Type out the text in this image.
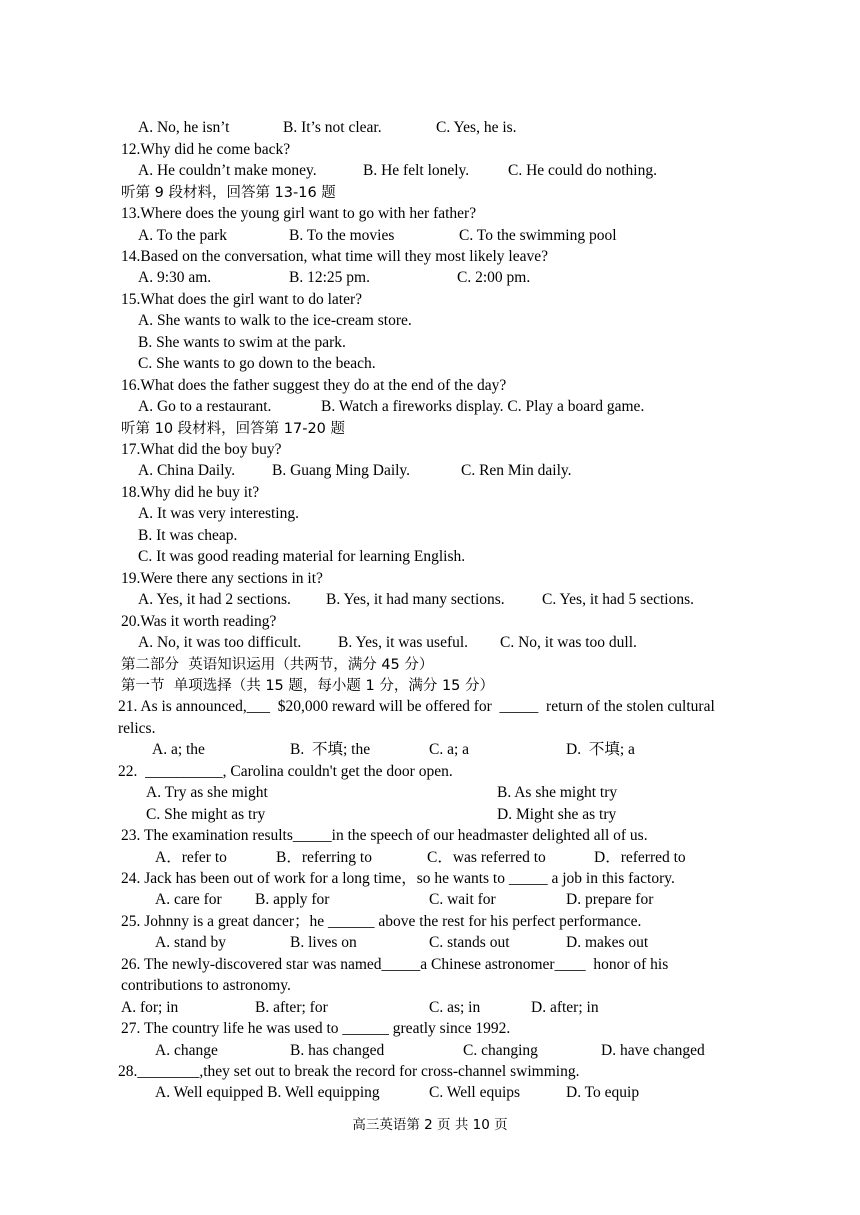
A. No, he isn’t	B. It’s not clear.	C. Yes, he is.
12.Why did he come back?
A. He couldn’t make money.	B. He felt lonely.	C. He could do nothing.
听第 9 段材料，回答第 13-16 题
13.Where does the young girl want to go with her father?
A. To the park	B. To the movies	C. To the swimming pool
14.Based on the conversation, what time will they most likely leave?
A. 9:30 am.	B. 12:25 pm.	C. 2:00 pm.
15.What does the girl want to do later?
A. She wants to walk to the ice-cream store.
B. She wants to swim at the park.
C. She wants to go down to the beach.
16.What does the father suggest they do at the end of the day?
A. Go to a restaurant.	B. Watch a fireworks display. C. Play a board game.
听第 10 段材料，回答第 17-20 题
17.What did the boy buy?
A. China Daily. B. Guang Ming Daily.	C. Ren Min daily.
18.Why did he buy it?
A. It was very interesting.
B. It was cheap.
C. It was good reading material for learning English.
19.Were there any sections in it?
A. Yes, it had 2 sections. B. Yes, it had many sections. C. Yes, it had 5 sections.
20.Was it worth reading?
A. No, it was too difficult. B. Yes, it was useful. C. No, it was too dull.
第二部分  英语知识运用（共两节，满分 45 分）
第一节  单项选择（共 15 题，每小题 1 分，满分 15 分）
21. As is announced,___  $20,000 reward will be offered for  _____  return of the stolen cultural
relics.
A. a; the	B.  不填; the	C. a; a	D.  不填; a
22.  __________, Carolina couldn't get the door open.
A. Try as she might	B. As she might try
C. She might as try	D. Might she as try
23. The examination results_____in the speech of our headmaster delighted all of us.
A．refer to	B．referring to	C．was referred to	D．referred to
24. Jack has been out of work for a long time，so he wants to _____ a job in this factory.
A. care for B. apply for	C. wait for	D. prepare for
25. Johnny is a great dancer；he ______ above the rest for his perfect performance.
A. stand by	B. lives on	C. stands out	D. makes out
26. The newly-discovered star was named_____a Chinese astronomer____  honor of his
contributions to astronomy.
A. for; in	B. after; for	C. as; in	D. after; in
27. The country life he was used to ______ greatly since 1992.
A. change	B. has changed	C. changing	D. have changed
28.________,they set out to break the record for cross-channel swimming.
A. Well equipped B. Well equipping	C. Well equips	D. To equip
高三英语第 2 页 共 10 页
